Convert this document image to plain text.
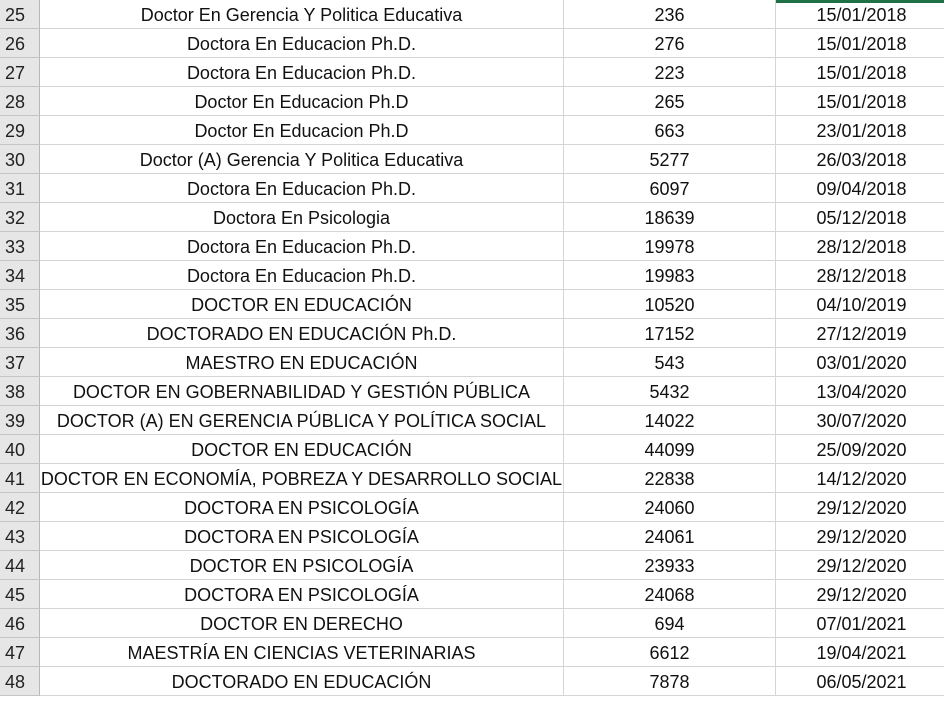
48	DOCTORADO EN EDUCACIÓN	7878	06/05/2021
47	MAESTRÍA EN CIENCIAS VETERINARIAS	6612	19/04/2021
46	DOCTOR EN DERECHO	694	07/01/2021
45	DOCTORA EN PSICOLOGÍA	24068	29/12/2020
44	DOCTOR EN PSICOLOGÍA	23933	29/12/2020
43	DOCTORA EN PSICOLOGÍA	24061	29/12/2020
42	DOCTORA EN PSICOLOGÍA	24060	29/12/2020
41 DOCTOR EN ECONOMÍA, POBREZA Y DESARROLLO SOCIAL	22838	14/12/2020
40	DOCTOR EN EDUCACIÓN	44099	25/09/2020
39	DOCTOR (A) EN GERENCIA PÚBLICA Y POLÍTICA SOCIAL	14022	30/07/2020
38	DOCTOR EN GOBERNABILIDAD Y GESTIÓN PÚBLICA	5432	13/04/2020
37	MAESTRO EN EDUCACIÓN	543	03/01/2020
36	DOCTORADO EN EDUCACIÓN Ph.D.	17152	27/12/2019
35	DOCTOR EN EDUCACIÓN	10520	04/10/2019
34	Doctora En Educacion Ph.D.	19983	28/12/2018
33	Doctora En Educacion Ph.D.	19978	28/12/2018
32	Doctora En Psicologia	18639	05/12/2018
31	Doctora En Educacion Ph.D.	6097	09/04/2018
30	Doctor (A) Gerencia Y Politica Educativa	5277	26/03/2018
29	Doctor En Educacion Ph.D	663	23/01/2018
28	Doctor En Educacion Ph.D	265	15/01/2018
27	Doctora En Educacion Ph.D.	223	15/01/2018
26	Doctora En Educacion Ph.D.	276	15/01/2018
25	Doctor En Gerencia Y Politica Educativa	236	15/01/2018
